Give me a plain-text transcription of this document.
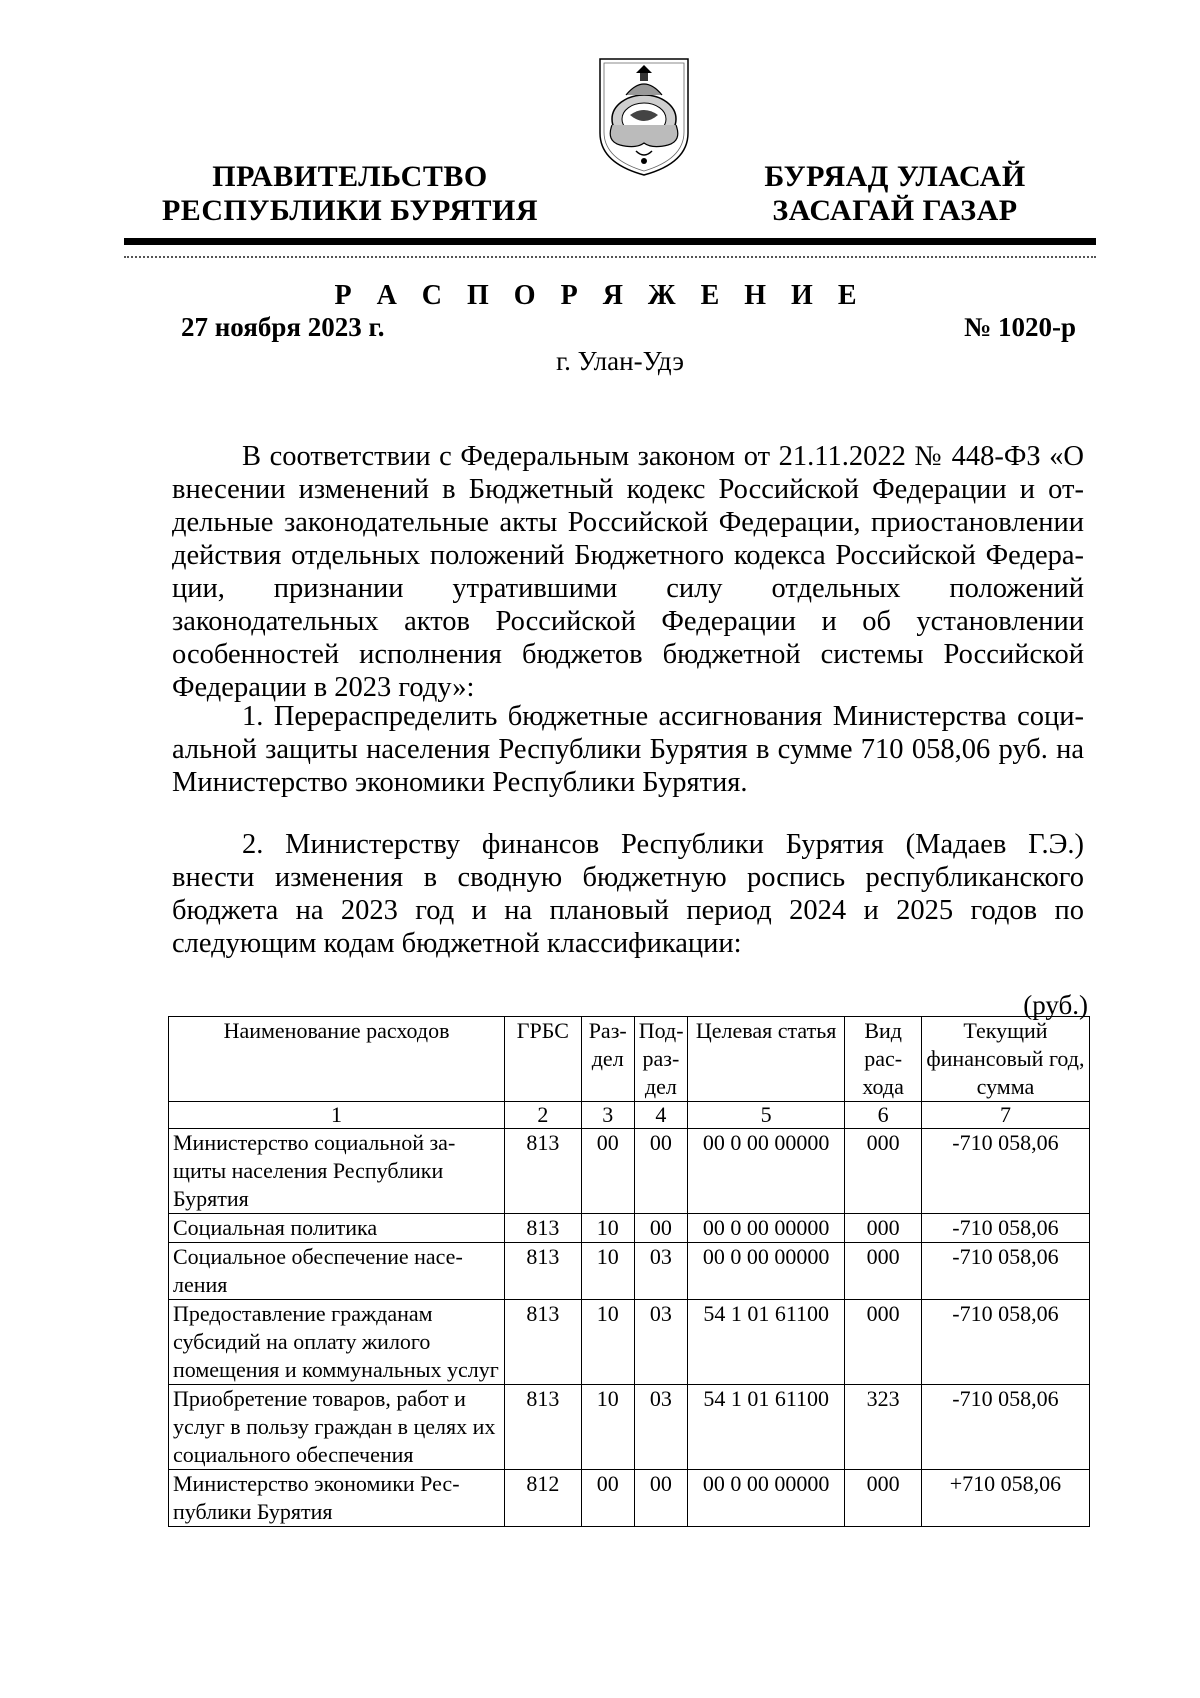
ПРАВИТЕЛЬСТВО
РЕСПУБЛИКИ БУРЯТИЯ
БУРЯАД УЛАСАЙ
ЗАСАГАЙ ГАЗАР
Р А С П О Р Я Ж Е Н И Е
27 ноября 2023 г.	№ 1020-р
г. Улан-Удэ

В соответствии с Федеральным законом от 21.11.2022 № 448-ФЗ «О внесении изменений в Бюджетный кодекс Российской Федерации и отдельные законодательные акты Российской Федерации, приостановлении действия отдельных положений Бюджетного кодекса Российской Федерации, признании утратившими силу отдельных положений законодательных актов Российской Федерации и об установлении особенностей исполнения бюджетов бюджетной системы Российской Федерации в 2023 году»:

1. Перераспределить бюджетные ассигнования Министерства социальной защиты населения Республики Бурятия в сумме 710 058,06 руб. на Министерство экономики Республики Бурятия.

2. Министерству финансов Республики Бурятия (Мадаев Г.Э.) внести изменения в сводную бюджетную роспись республиканского бюджета на 2023 год и на плановый период 2024 и 2025 годов по следующим кодам бюджетной классификации:

(руб.)
Наименование расходов	ГРБС	Раздел	Подраздел	Целевая статья	Вид расхода	Текущий финансовый год, сумма
1	2	3	4	5	6	7
Министерство социальной защиты населения Республики Бурятия	813	00	00	00 0 00 00000	000	-710 058,06
Социальная политика	813	10	00	00 0 00 00000	000	-710 058,06
Социальное обеспечение населения	813	10	03	00 0 00 00000	000	-710 058,06
Предоставление гражданам субсидий на оплату жилого помещения и коммунальных услуг	813	10	03	54 1 01 61100	000	-710 058,06
Приобретение товаров, работ и услуг в пользу граждан в целях их социального обеспечения	813	10	03	54 1 01 61100	323	-710 058,06
Министерство экономики Республики Бурятия	812	00	00	00 0 00 00000	000	+710 058,06
